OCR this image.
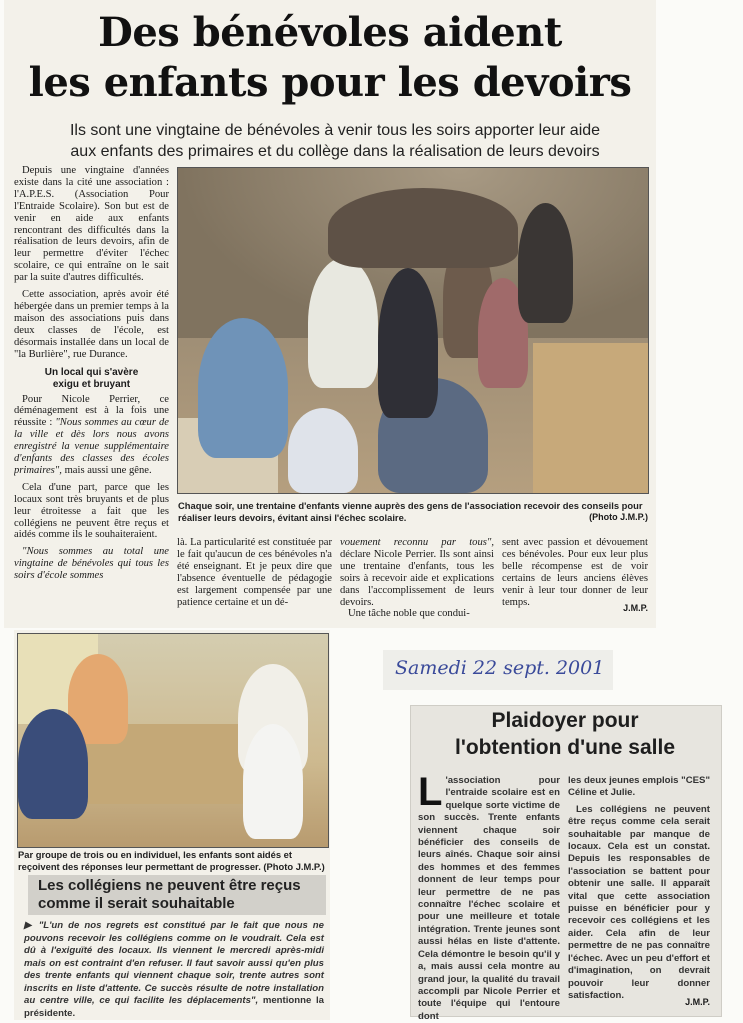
Des bénévoles aident
les enfants pour les devoirs
Ils sont une vingtaine de bénévoles à venir tous les soirs apporter leur aide
aux enfants des primaires et du collège dans la réalisation de leurs devoirs

Depuis une vingtaine d'années existe dans la cité une association : l'A.P.E.S. (Association Pour l'Entraide Scolaire). Son but est de venir en aide aux enfants rencontrant des difficultés dans la réalisation de leurs devoirs, afin de leur permettre d'éviter l'échec scolaire, ce qui entraîne on le sait par la suite d'autres difficultés.

Cette association, après avoir été hébergée dans un premier temps à la maison des associations puis dans deux classes de l'école, est désormais installée dans un local de "la Burlière", rue Durance.

Un local qui s'avère
exigu et bruyant

Pour Nicole Perrier, ce déménagement est à la fois une réussite : "Nous sommes au cœur de la ville et dès lors nous avons enregistré la venue supplémentaire d'enfants des classes des écoles primaires", mais aussi une gêne.

Cela d'une part, parce que les locaux sont très bruyants et de plus leur étroitesse a fait que les collégiens ne peuvent être reçus et aidés comme ils le souhaiteraient.

"Nous sommes au total une vingtaine de bénévoles qui tous les soirs d'école sommes

Chaque soir, une trentaine d'enfants vienne auprès des gens de l'association recevoir des conseils pour réaliser leurs devoirs, évitant ainsi l'échec scolaire.	(Photo J.M.P.)
là. La particularité est constituée par le fait qu'aucun de ces bénévoles n'a été enseignant. Et je peux dire que l'absence éventuelle de pédagogie est largement compensée par une patience certaine et un dé-
vouement reconnu par tous", déclare Nicole Perrier. Ils sont ainsi une trentaine d'enfants, tous les soirs à recevoir aide et explications dans l'accomplissement de leurs devoirs.
Une tâche noble que condui-
sent avec passion et dévouement ces bénévoles. Pour eux leur plus belle récompense est de voir certains de leurs anciens élèves venir à leur tour donner de leur temps.
J.M.P.
Samedi 22 sept. 2001
Par groupe de trois ou en individuel, les enfants sont aidés et reçoivent des réponses leur permettant de progresser. (Photo J.M.P.)
Les collégiens ne peuvent être reçus
comme il serait souhaitable
▶ "L'un de nos regrets est constitué par le fait que nous ne pouvons recevoir les collégiens comme on le voudrait. Cela est dû à l'exiguïté des locaux. Ils viennent le mercredi après-midi mais on est contraint d'en refuser. Il faut savoir aussi qu'en plus des trente enfants qui viennent chaque soir, trente autres sont inscrits en liste d'attente. Ce succès résulte de notre installation au centre ville, ce qui facilite les déplacements", mentionne la présidente.
Plaidoyer pour
l'obtention d'une salle
L 'association pour l'entraide scolaire est en quelque sorte victime de son succès. Trente enfants viennent chaque soir bénéficier des conseils de leurs aînés. Chaque soir ainsi des hommes et des femmes donnent de leur temps pour leur permettre de ne pas connaître l'échec scolaire et pour une meilleure et totale intégration. Trente jeunes sont aussi hélas en liste d'attente. Cela démontre le besoin qu'il y a, mais aussi cela montre au grand jour, la qualité du travail accompli par Nicole Perrier et toute l'équipe qui l'entoure dont

les deux jeunes emplois "CES" Céline et Julie.

Les collégiens ne peuvent être reçus comme cela serait souhaitable par manque de locaux. Cela est un constat. Depuis les responsables de l'association se battent pour obtenir une salle. Il apparaît vital que cette association puisse en bénéficier pour y recevoir ces collégiens et les aider. Cela afin de leur permettre de ne pas connaître l'échec. Avec un peu d'effort et d'imagination, on devrait pouvoir leur donner satisfaction.

J.M.P.
